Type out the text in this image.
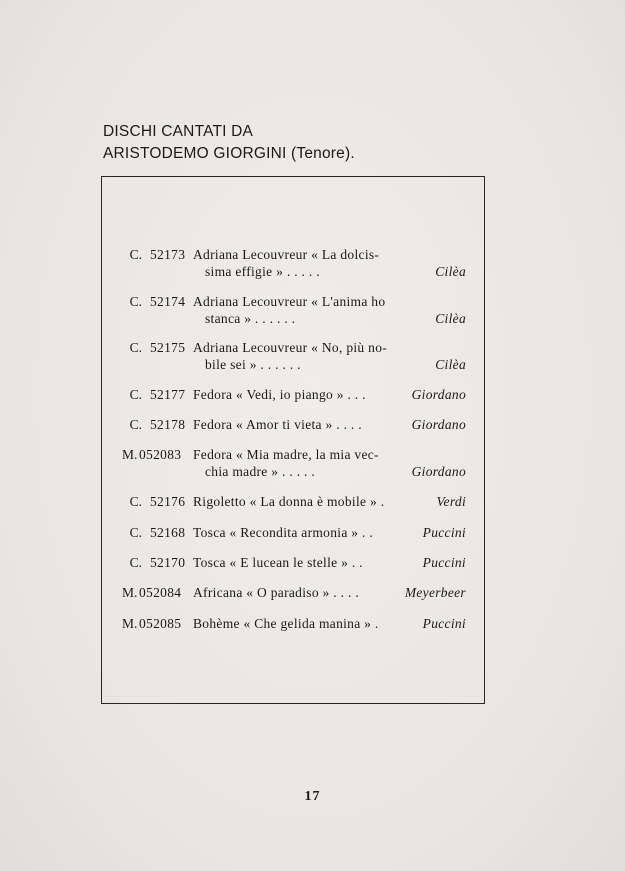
DISCHI CANTATI DA
ARISTODEMO GIORGINI (Tenore).
C. 52173 Adriana Lecouvreur « La dolcis-
sima effigie » . . . . .	Cilèa
C. 52174 Adriana Lecouvreur « L'anima ho
stanca » . . . . . .	Cilèa
C. 52175 Adriana Lecouvreur « No, più no-
bile sei » . . . . . .	Cilèa
C. 52177 Fedora « Vedi, io piango » . . .	Giordano
C. 52178 Fedora « Amor ti vieta » . . . .	Giordano
M. 052083 Fedora « Mia madre, la mia vec-
chia madre » . . . . .	Giordano
C. 52176 Rigoletto « La donna è mobile » .	Verdi
C. 52168 Tosca « Recondita armonia » . .	Puccini
C. 52170 Tosca « E lucean le stelle » . .	Puccini
M. 052084 Africana « O paradiso » . . . .	Meyerbeer
M. 052085 Bohème « Che gelida manina » .	Puccini
17
